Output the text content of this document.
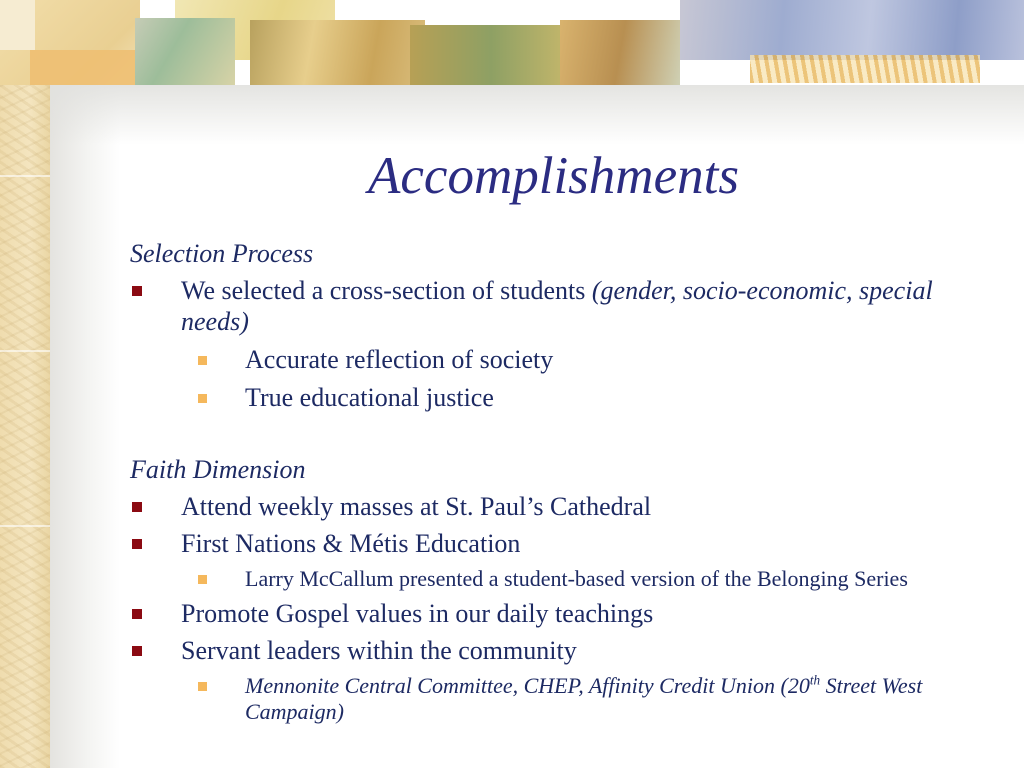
Accomplishments
Selection Process
We selected a cross-section of students (gender, socio-economic, special needs)
Accurate reflection of society
True educational justice
Faith Dimension
Attend weekly masses at St. Paul’s Cathedral
First Nations & Métis Education
Larry McCallum presented a student-based version of the Belonging Series
Promote Gospel values in our daily teachings
Servant leaders within the community
Mennonite Central Committee, CHEP, Affinity Credit Union (20th Street West Campaign)
